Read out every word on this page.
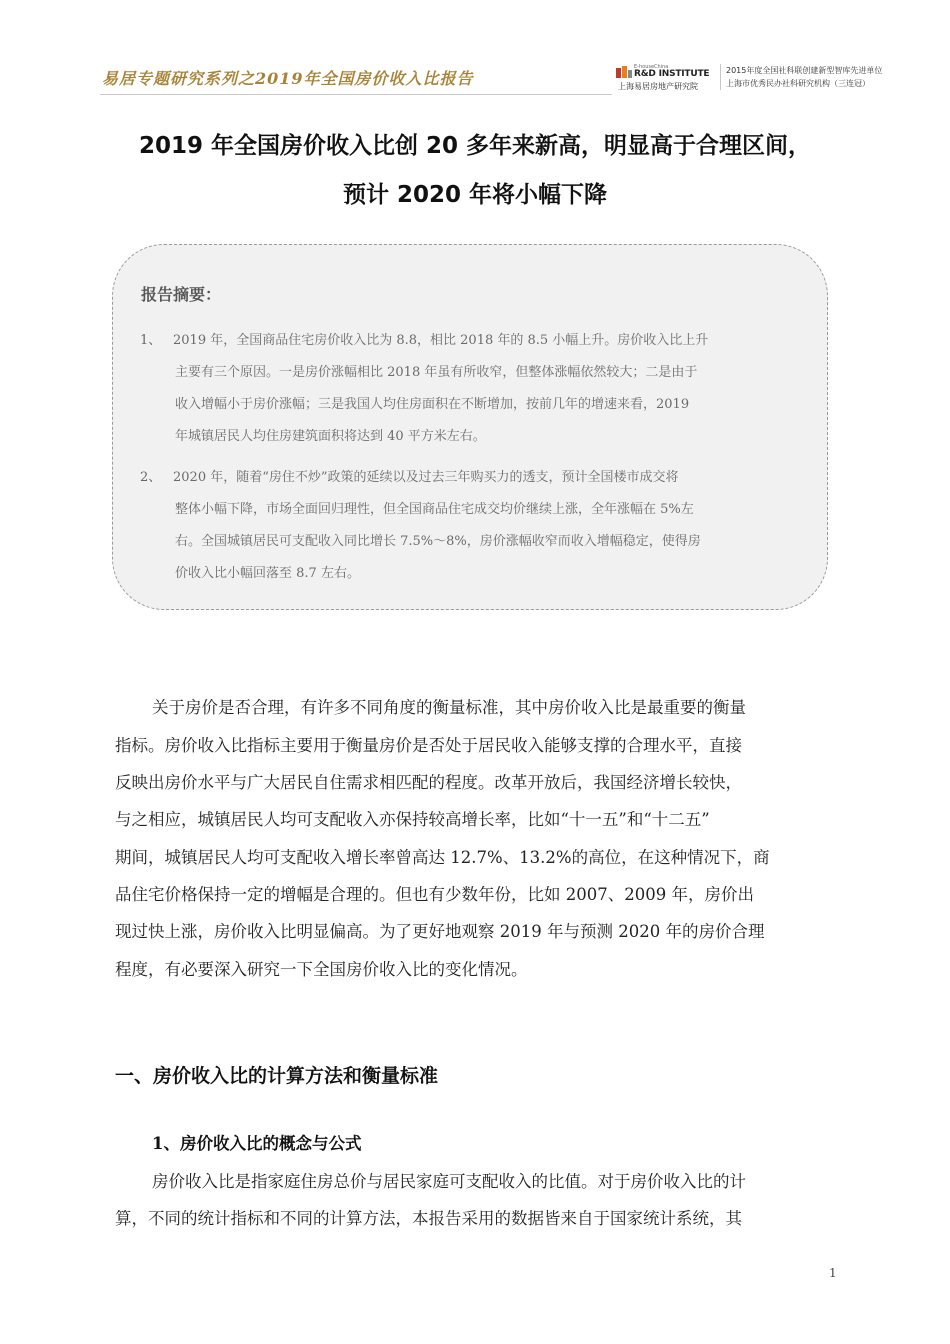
易居专题研究系列之2019年全国房价收入比报告
E-houseChina
R&D INSTITUTE
上海易居房地产研究院
2015年度全国社科联创建新型智库先进单位
上海市优秀民办社科研究机构（三连冠）
2019 年全国房价收入比创 20 多年来新高，明显高于合理区间，
预计 2020 年将小幅下降
报告摘要：
1、 2019 年，全国商品住宅房价收入比为 8.8，相比 2018 年的 8.5 小幅上升。房价收入比上升
主要有三个原因。一是房价涨幅相比 2018 年虽有所收窄，但整体涨幅依然较大；二是由于
收入增幅小于房价涨幅；三是我国人均住房面积在不断增加，按前几年的增速来看，2019
年城镇居民人均住房建筑面积将达到 40 平方米左右。
2、 2020 年，随着“房住不炒”政策的延续以及过去三年购买力的透支，预计全国楼市成交将
整体小幅下降，市场全面回归理性，但全国商品住宅成交均价继续上涨，全年涨幅在 5%左
右。全国城镇居民可支配收入同比增长 7.5%～8%，房价涨幅收窄而收入增幅稳定，使得房
价收入比小幅回落至 8.7 左右。
关于房价是否合理，有许多不同角度的衡量标准，其中房价收入比是最重要的衡量
指标。房价收入比指标主要用于衡量房价是否处于居民收入能够支撑的合理水平，直接
反映出房价水平与广大居民自住需求相匹配的程度。改革开放后，我国经济增长较快，
与之相应，城镇居民人均可支配收入亦保持较高增长率，比如“十一五”和“十二五”
期间，城镇居民人均可支配收入增长率曾高达 12.7%、13.2%的高位，在这种情况下，商
品住宅价格保持一定的增幅是合理的。但也有少数年份，比如 2007、2009 年，房价出
现过快上涨，房价收入比明显偏高。为了更好地观察 2019 年与预测 2020 年的房价合理
程度，有必要深入研究一下全国房价收入比的变化情况。
一、房价收入比的计算方法和衡量标准
1、房价收入比的概念与公式
房价收入比是指家庭住房总价与居民家庭可支配收入的比值。对于房价收入比的计
算，不同的统计指标和不同的计算方法，本报告采用的数据皆来自于国家统计系统，其
1
